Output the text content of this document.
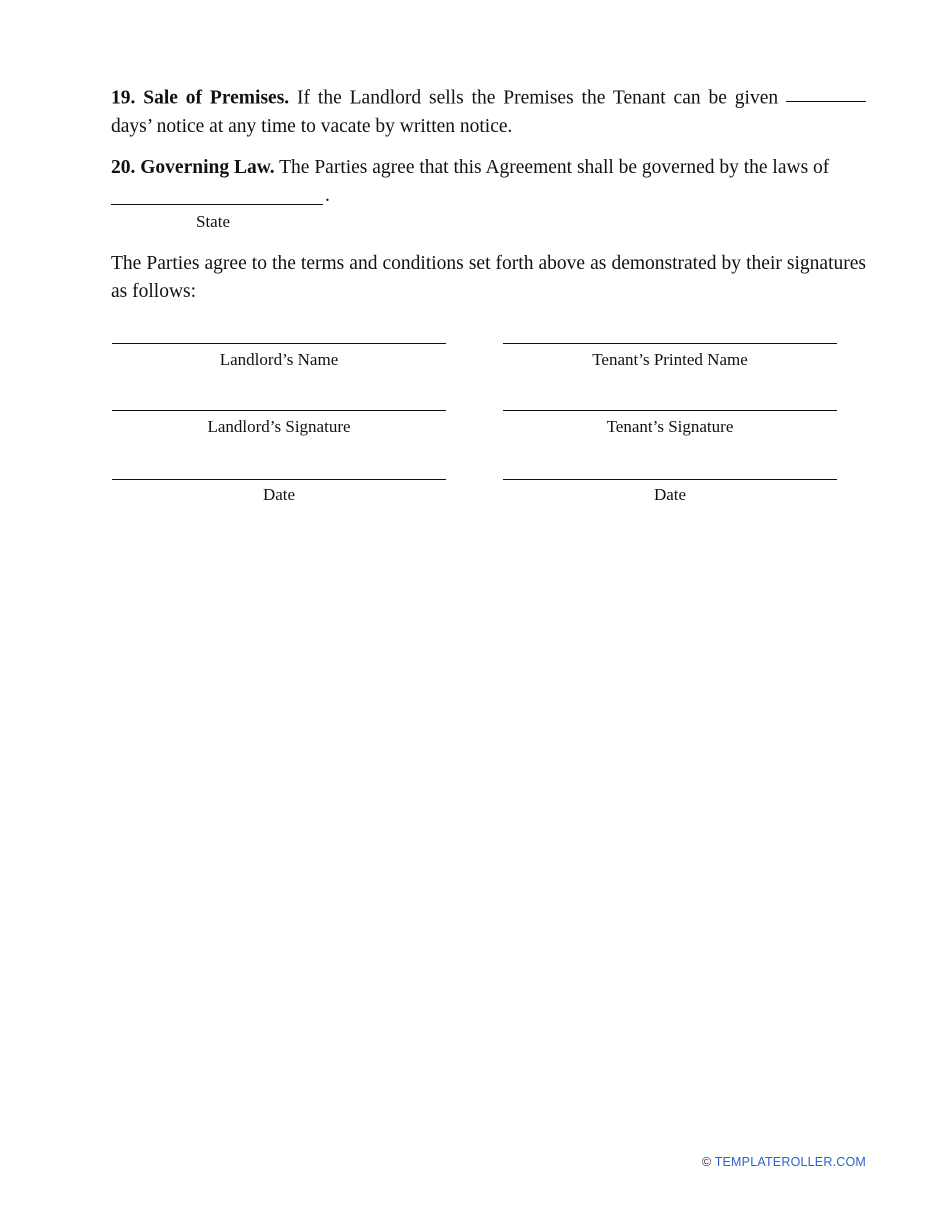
19. Sale of Premises. If the Landlord sells the Premises the Tenant can be given  days’ notice at any time to vacate by written notice.

20. Governing Law. The Parties agree that this Agreement shall be governed by the laws of

.
State

The Parties agree to the terms and conditions set forth above as demonstrated by their signatures as follows:

Landlord’s Name	Tenant’s Printed Name
Landlord’s Signature	Tenant’s Signature
Date	Date
© TEMPLATEROLLER.COM
